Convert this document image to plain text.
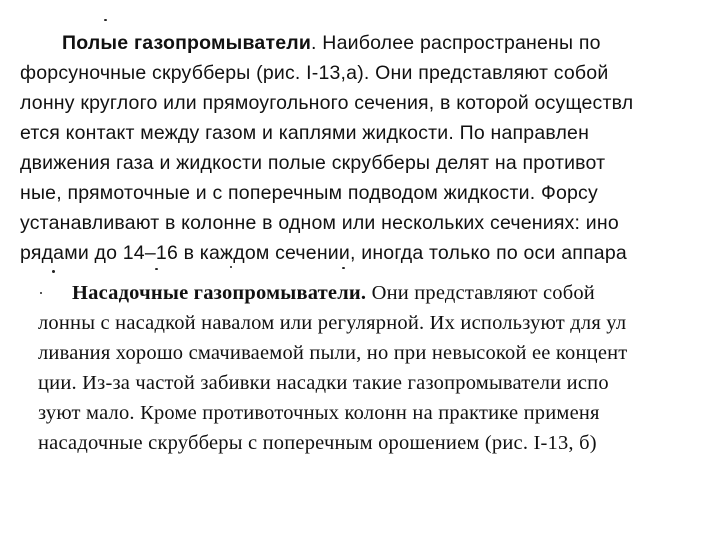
Полые газопромыватели. Наиболее распространены по
форсуночные скрубберы (рис. I-13,а). Они представляют собой
лонну круглого или прямоугольного сечения, в которой осуществл
ется контакт между газом и каплями жидкости. По направлен
движения газа и жидкости полые скрубберы делят на противот
ные, прямоточные и с поперечным подводом жидкости. Форсу
устанавливают в колонне в одном или нескольких сечениях: ино
рядами до 14–16 в каждом сечении, иногда только по оси аппара
Насадочные газопромыватели. Они представляют собой
лонны с насадкой навалом или регулярной. Их используют для ул
ливания хорошо смачиваемой пыли, но при невысокой ее концент
ции. Из-за частой забивки насадки такие газопромыватели испо
зуют мало. Кроме противоточных колонн на практике применя
насадочные скрубберы с поперечным орошением (рис. I-13, б)
